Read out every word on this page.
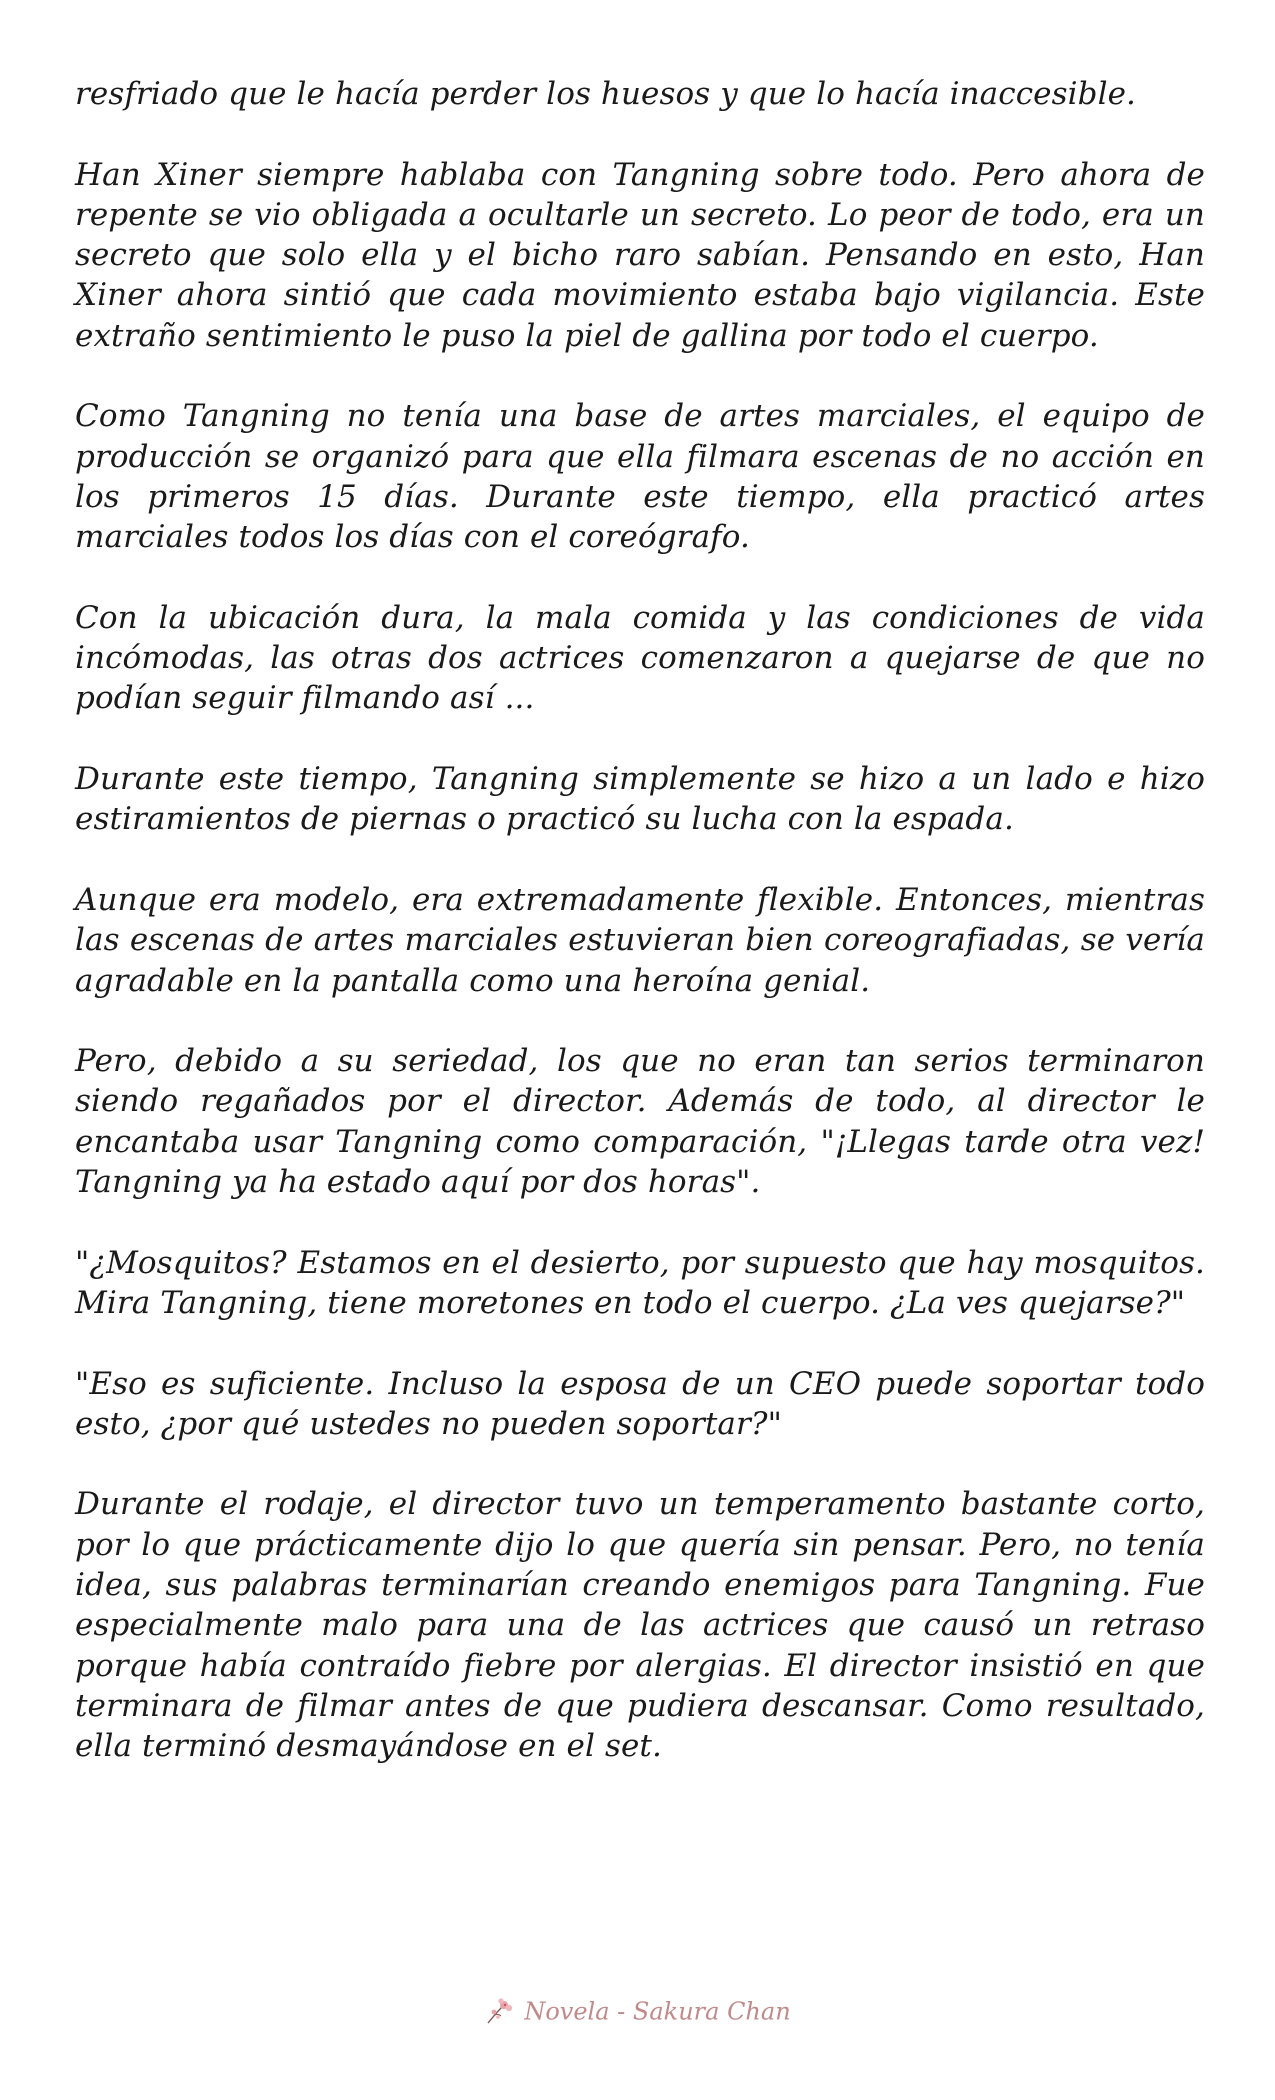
resfriado que le hacía perder los huesos y que lo hacía inaccesible.

Han Xiner siempre hablaba con Tangning sobre todo. Pero ahora de repente se vio obligada a ocultarle un secreto. Lo peor de todo, era un secreto que solo ella y el bicho raro sabían. Pensando en esto, Han Xiner ahora sintió que cada movimiento estaba bajo vigilancia. Este extraño sentimiento le puso la piel de gallina por todo el cuerpo.

Como Tangning no tenía una base de artes marciales, el equipo de producción se organizó para que ella filmara escenas de no acción en los primeros 15 días. Durante este tiempo, ella practicó artes marciales todos los días con el coreógrafo.

Con la ubicación dura, la mala comida y las condiciones de vida incómodas, las otras dos actrices comenzaron a quejarse de que no podían seguir filmando así ...

Durante este tiempo, Tangning simplemente se hizo a un lado e hizo estiramientos de piernas o practicó su lucha con la espada.

Aunque era modelo, era extremadamente flexible. Entonces, mientras las escenas de artes marciales estuvieran bien coreografiadas, se vería agradable en la pantalla como una heroína genial.

Pero, debido a su seriedad, los que no eran tan serios terminaron siendo regañados por el director. Además de todo, al director le encantaba usar Tangning como comparación, "¡Llegas tarde otra vez! Tangning ya ha estado aquí por dos horas".

"¿Mosquitos? Estamos en el desierto, por supuesto que hay mosquitos. Mira Tangning, tiene moretones en todo el cuerpo. ¿La ves quejarse?"

"Eso es suficiente. Incluso la esposa de un CEO puede soportar todo esto, ¿por qué ustedes no pueden soportar?"

Durante el rodaje, el director tuvo un temperamento bastante corto, por lo que prácticamente dijo lo que quería sin pensar. Pero, no tenía idea, sus palabras terminarían creando enemigos para Tangning. Fue especialmente malo para una de las actrices que causó un retraso porque había contraído fiebre por alergias. El director insistió en que terminara de filmar antes de que pudiera descansar. Como resultado, ella terminó desmayándose en el set.

Novela - Sakura Chan
